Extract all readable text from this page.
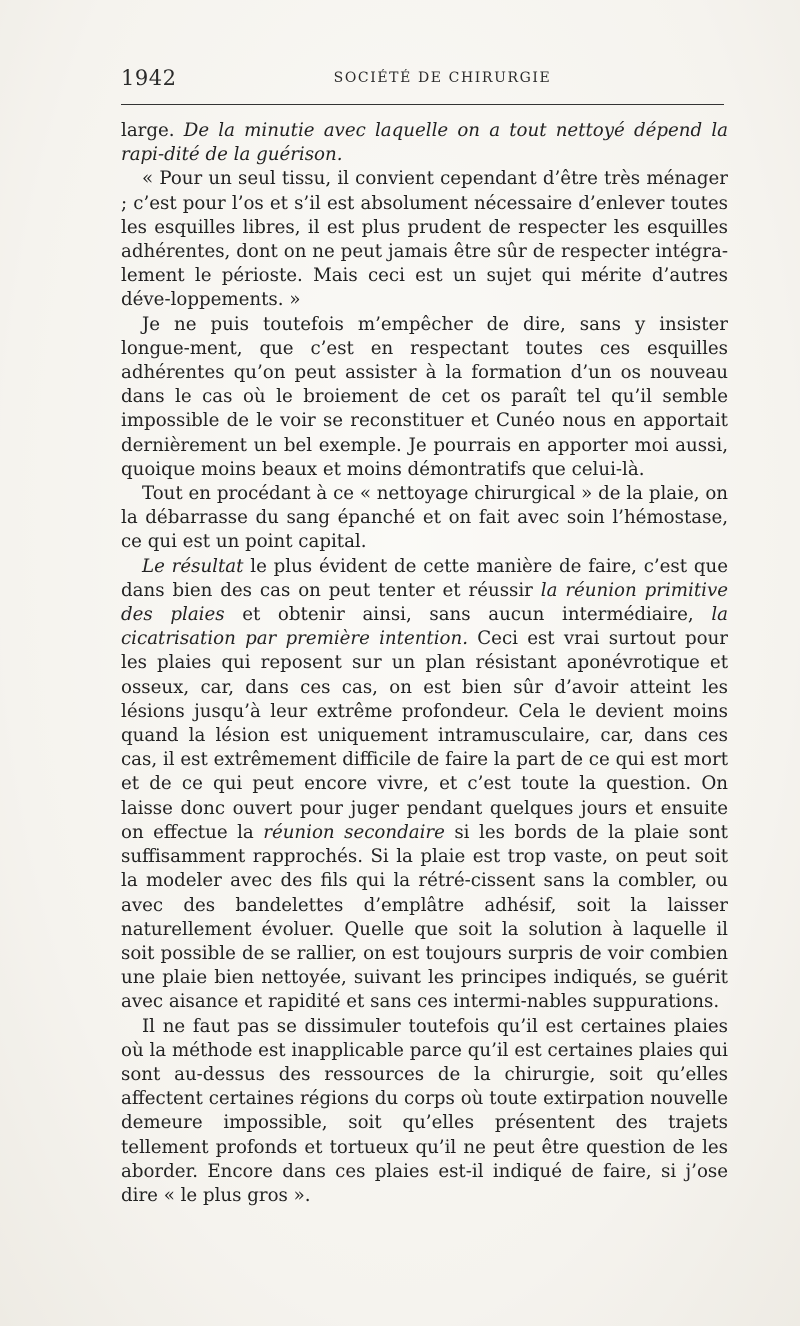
1942	SOCIÉTÉ DE CHIRURGIE

large. De la minutie avec laquelle on a tout nettoyé dépend la rapi-dité de la guérison.

« Pour un seul tissu, il convient cependant d’être très ménager ; c’est pour l’os et s’il est absolument nécessaire d’enlever toutes les esquilles libres, il est plus prudent de respecter les esquilles adhérentes, dont on ne peut jamais être sûr de respecter intégra-lement le périoste. Mais ceci est un sujet qui mérite d’autres déve-loppements. »

Je ne puis toutefois m’empêcher de dire, sans y insister longue-ment, que c’est en respectant toutes ces esquilles adhérentes qu’on peut assister à la formation d’un os nouveau dans le cas où le broiement de cet os paraît tel qu’il semble impossible de le voir se reconstituer et Cunéo nous en apportait dernièrement un bel exemple. Je pourrais en apporter moi aussi, quoique moins beaux et moins démontratifs que celui-là.

Tout en procédant à ce « nettoyage chirurgical » de la plaie, on la débarrasse du sang épanché et on fait avec soin l’hémostase, ce qui est un point capital.

Le résultat le plus évident de cette manière de faire, c’est que dans bien des cas on peut tenter et réussir la réunion primitive des plaies et obtenir ainsi, sans aucun intermédiaire, la cicatrisation par première intention. Ceci est vrai surtout pour les plaies qui reposent sur un plan résistant aponévrotique et osseux, car, dans ces cas, on est bien sûr d’avoir atteint les lésions jusqu’à leur extrême profondeur. Cela le devient moins quand la lésion est uniquement intramusculaire, car, dans ces cas, il est extrêmement difficile de faire la part de ce qui est mort et de ce qui peut encore vivre, et c’est toute la question. On laisse donc ouvert pour juger pendant quelques jours et ensuite on effectue la réunion secondaire si les bords de la plaie sont suffisamment rapprochés. Si la plaie est trop vaste, on peut soit la modeler avec des fils qui la rétré-cissent sans la combler, ou avec des bandelettes d’emplâtre adhésif, soit la laisser naturellement évoluer. Quelle que soit la solution à laquelle il soit possible de se rallier, on est toujours surpris de voir combien une plaie bien nettoyée, suivant les principes indiqués, se guérit avec aisance et rapidité et sans ces intermi-nables suppurations.

Il ne faut pas se dissimuler toutefois qu’il est certaines plaies où la méthode est inapplicable parce qu’il est certaines plaies qui sont au-dessus des ressources de la chirurgie, soit qu’elles affectent certaines régions du corps où toute extirpation nouvelle demeure impossible, soit qu’elles présentent des trajets tellement profonds et tortueux qu’il ne peut être question de les aborder. Encore dans ces plaies est-il indiqué de faire, si j’ose dire « le plus gros ».
